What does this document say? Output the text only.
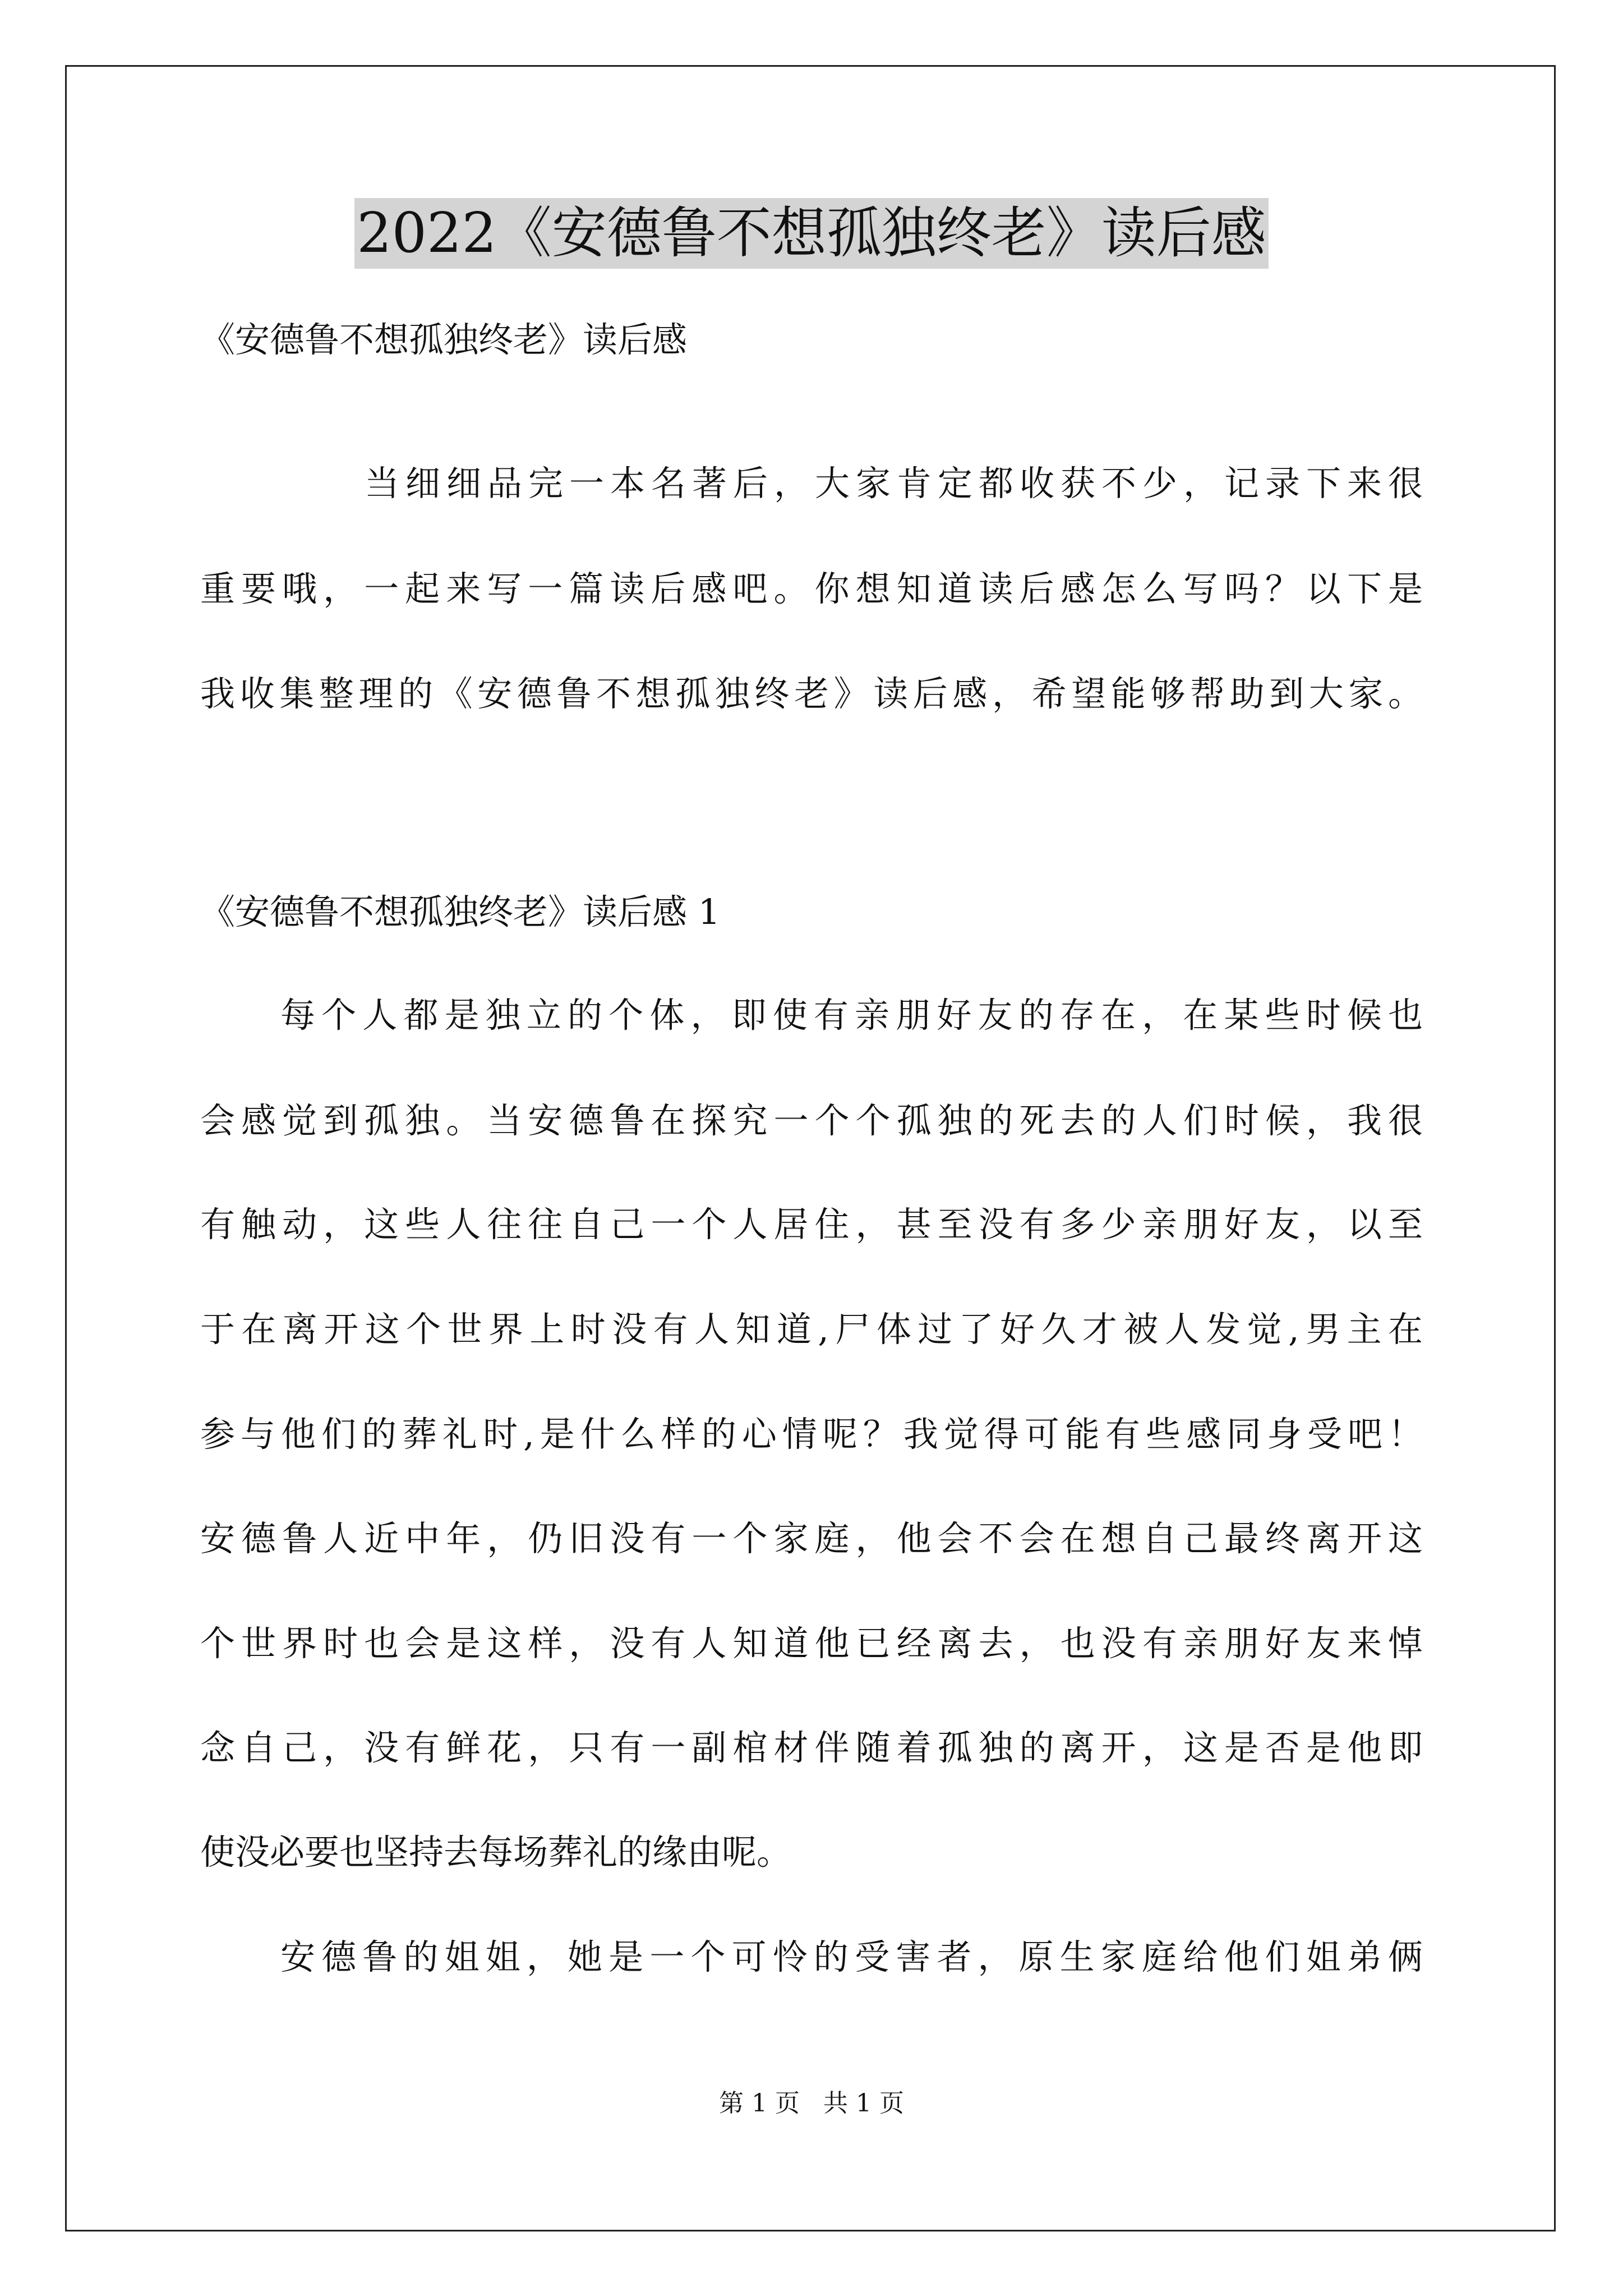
2022《安德鲁不想孤独终老》读后感
《安德鲁不想孤独终老》读后感
当细细品完一本名著后，大家肯定都收获不少，记录下来很
重要哦，一起来写一篇读后感吧。你想知道读后感怎么写吗？以下是
我收集整理的《安德鲁不想孤独终老》读后感，希望能够帮助到大家。
《安德鲁不想孤独终老》读后感 1
每个人都是独立的个体，即使有亲朋好友的存在，在某些时候也
会感觉到孤独。当安德鲁在探究一个个孤独的死去的人们时候，我很
有触动，这些人往往自己一个人居住，甚至没有多少亲朋好友，以至
于在离开这个世界上时没有人知道,尸体过了好久才被人发觉,男主在
参与他们的葬礼时,是什么样的心情呢？我觉得可能有些感同身受吧！
安德鲁人近中年，仍旧没有一个家庭，他会不会在想自己最终离开这
个世界时也会是这样，没有人知道他已经离去，也没有亲朋好友来悼
念自己，没有鲜花，只有一副棺材伴随着孤独的离开，这是否是他即
使没必要也坚持去每场葬礼的缘由呢。
安德鲁的姐姐，她是一个可怜的受害者，原生家庭给他们姐弟俩
第 1 页   共 1 页
